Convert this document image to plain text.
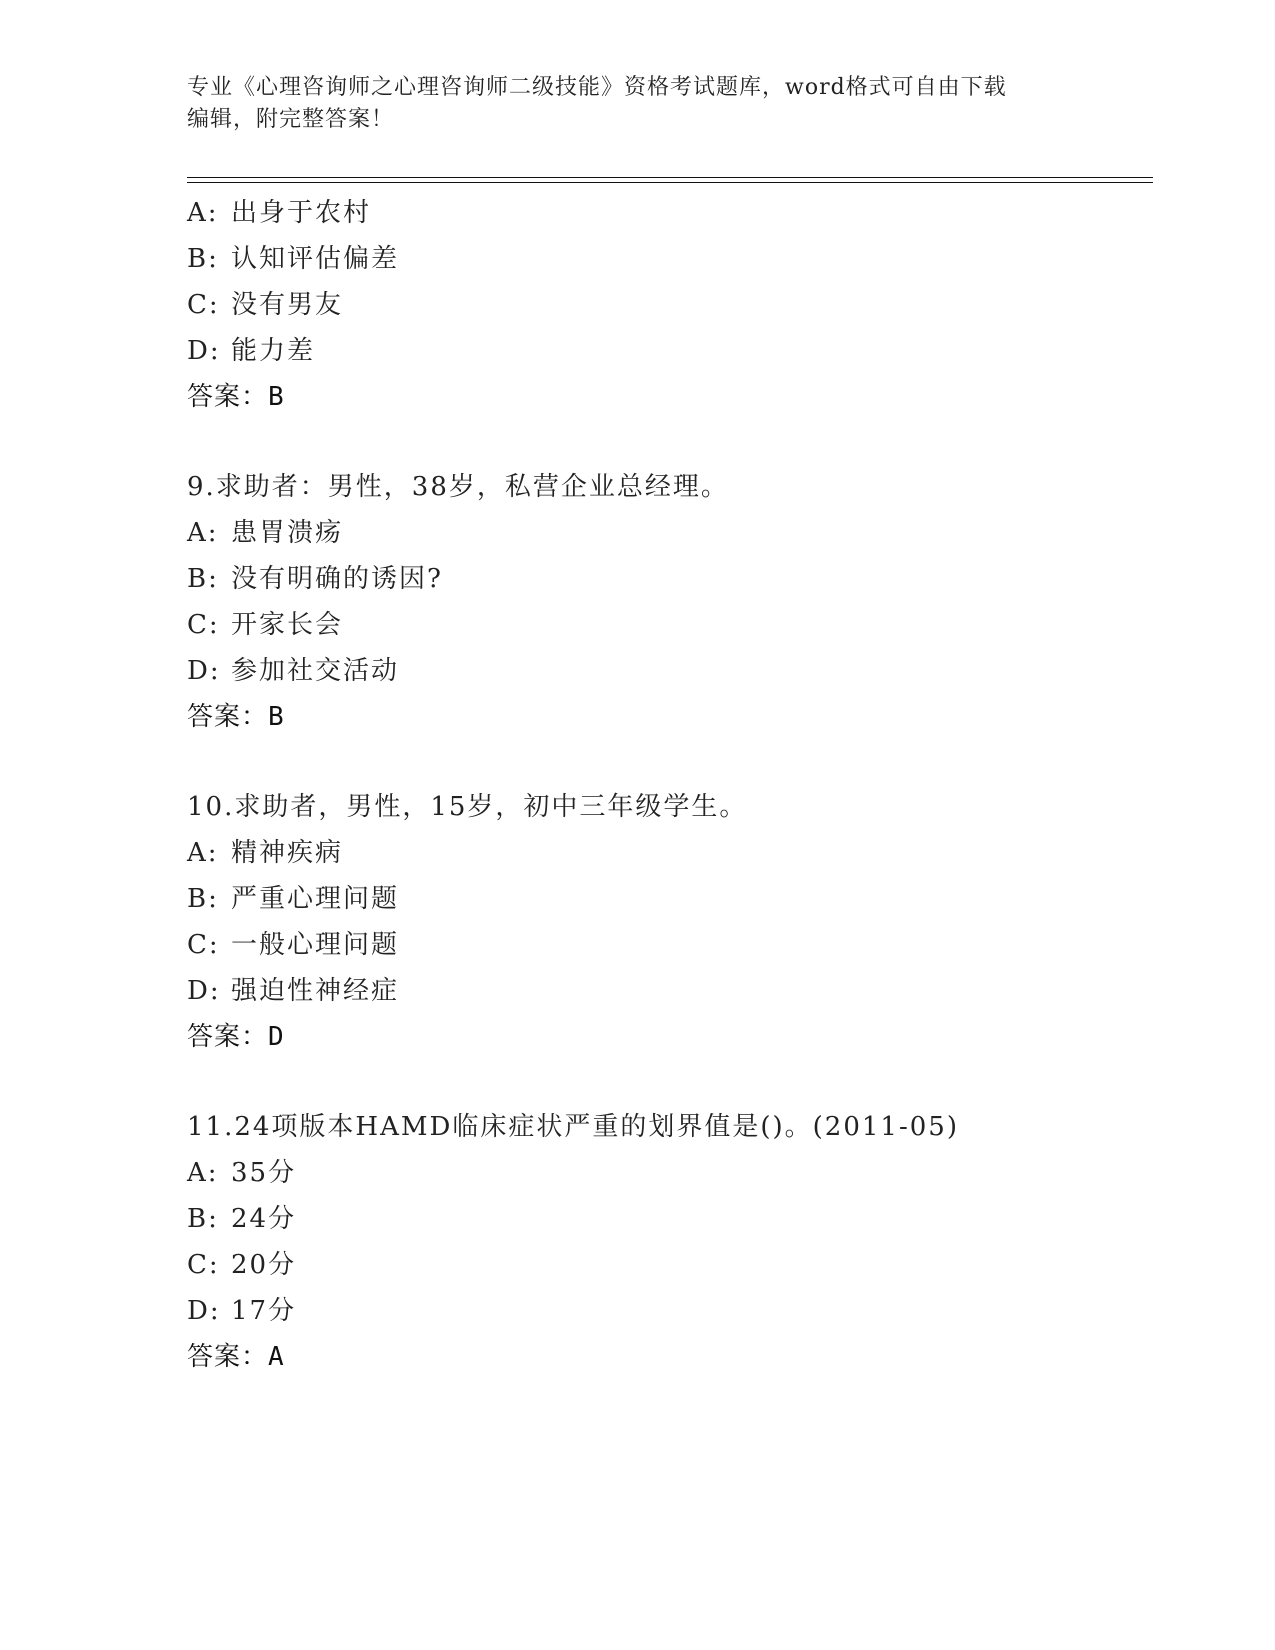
专业《心理咨询师之心理咨询师二级技能》资格考试题库，word格式可自由下载
编辑，附完整答案！
A: 出身于农村
B: 认知评估偏差
C: 没有男友
D: 能力差
答案：B
9.求助者：男性，38岁，私营企业总经理。
A: 患胃溃疡
B: 没有明确的诱因?
C: 开家长会
D: 参加社交活动
答案：B
10.求助者，男性，15岁，初中三年级学生。
A: 精神疾病
B: 严重心理问题
C: 一般心理问题
D: 强迫性神经症
答案：D
11.24项版本HAMD临床症状严重的划界值是()。(2011-05)
A: 35分
B: 24分
C: 20分
D: 17分
答案：A
